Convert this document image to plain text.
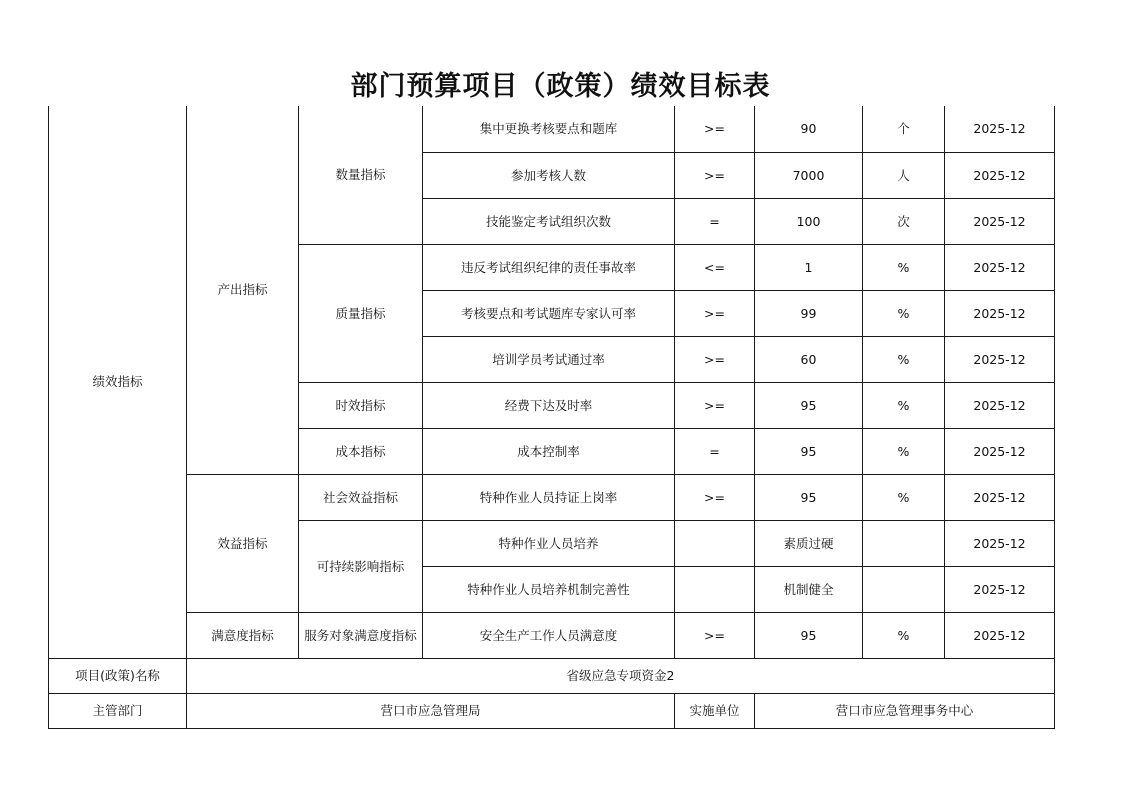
部门预算项目（政策）绩效目标表
绩效指标	产出指标	数量指标	集中更换考核要点和题库	>=	90	个	2025-12
			参加考核人数	>=	7000	人	2025-12
			技能鉴定考试组织次数	=	100	次	2025-12
		质量指标	违反考试组织纪律的责任事故率	<=	1	%	2025-12
			考核要点和考试题库专家认可率	>=	99	%	2025-12
			培训学员考试通过率	>=	60	%	2025-12
		时效指标	经费下达及时率	>=	95	%	2025-12
		成本指标	成本控制率	=	95	%	2025-12
	效益指标	社会效益指标	特种作业人员持证上岗率	>=	95	%	2025-12
		可持续影响指标	特种作业人员培养		素质过硬		2025-12
			特种作业人员培养机制完善性		机制健全		2025-12
	满意度指标	服务对象满意度指标	安全生产工作人员满意度	>=	95	%	2025-12
项目(政策)名称	省级应急专项资金2						
主管部门	营口市应急管理局			实施单位	营口市应急管理事务中心		
